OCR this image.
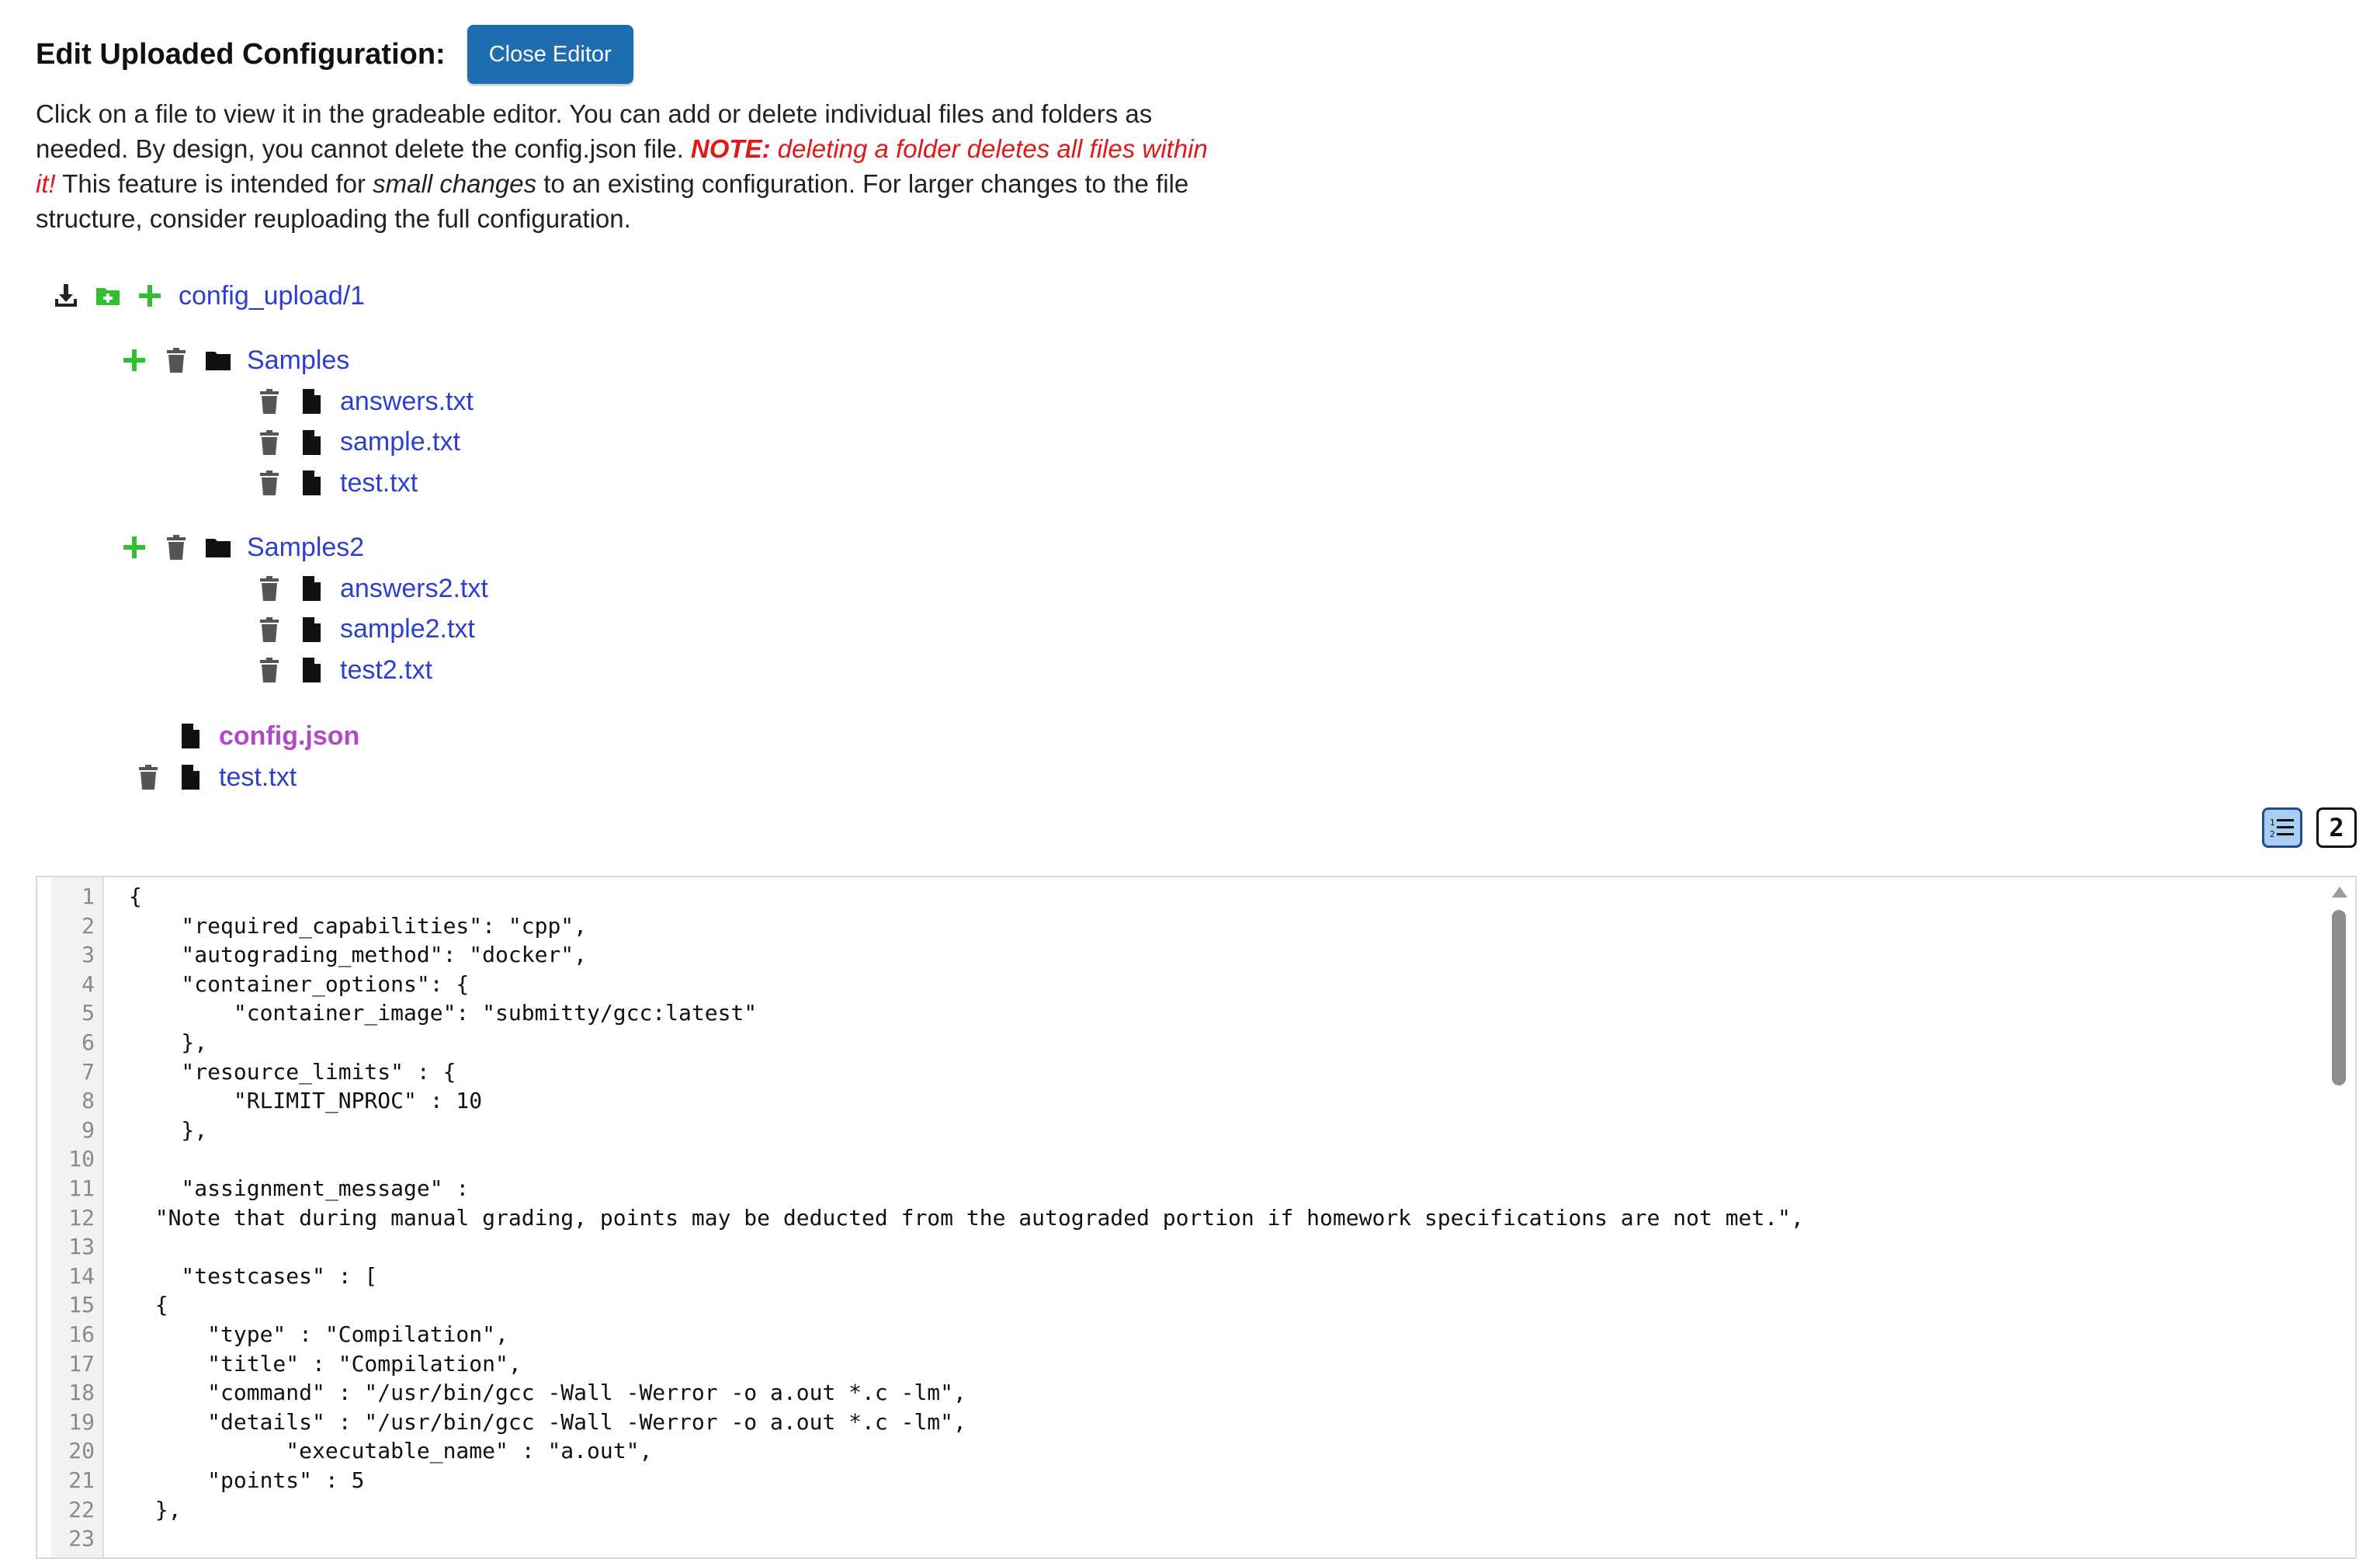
Edit Uploaded Configuration:	Close Editor
Click on a file to view it in the gradeable editor. You can add or delete individual files and folders as needed. By design, you cannot delete the config.json file. NOTE: deleting a folder deletes all files within it! This feature is intended for small changes to an existing configuration. For larger changes to the file structure, consider reuploading the full configuration.
config_upload/1
Samples
answers.txt
sample.txt
test.txt
Samples2
answers2.txt
sample2.txt
test2.txt
config.json
test.txt
1
2 2
1 {
2 "required_capabilities": "cpp",
3 "autograding_method": "docker",
4 "container_options": {
5 "container_image": "submitty/gcc:latest"
6 },
7 "resource_limits" : {
8 "RLIMIT_NPROC" : 10
9 },
10
11 "assignment_message" :
12 "Note that during manual grading, points may be deducted from the autograded portion if homework specifications are not met.",
13
14 "testcases" : [
15 {
16 "type" : "Compilation",
17 "title" : "Compilation",
18 "command" : "/usr/bin/gcc -Wall -Werror -o a.out *.c -lm",
19 "details" : "/usr/bin/gcc -Wall -Werror -o a.out *.c -lm",
20 "executable_name" : "a.out",
21 "points" : 5
22 },
23
